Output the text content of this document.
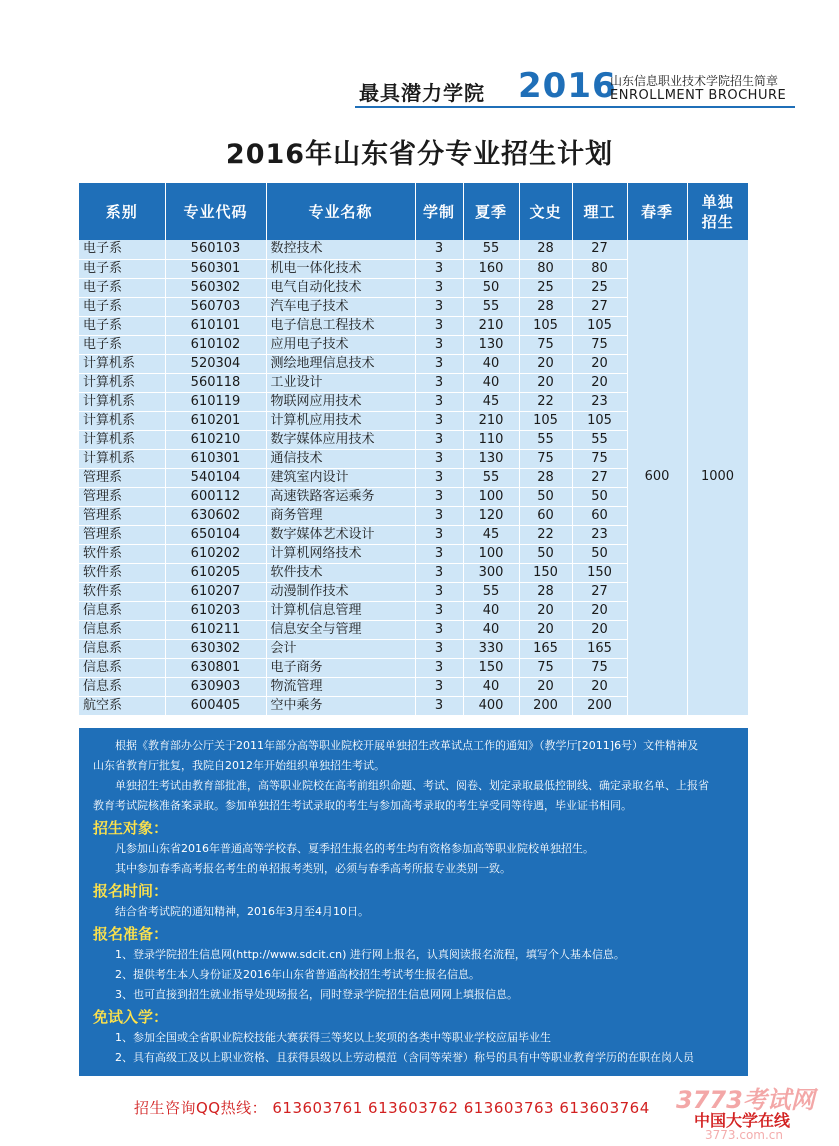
最具潜力学院 2016
山东信息职业技术学院招生简章
ENROLLMENT BROCHURE
2016年山东省分专业招生计划
系别	专业代码	专业名称	学制	夏季	文史	理工	春季	单独招生
电子系	560103	数控技术	3	55	28	27	600	1000
电子系	560301	机电一体化技术	3	160	80	80		
电子系	560302	电气自动化技术	3	50	25	25		
电子系	560703	汽车电子技术	3	55	28	27		
电子系	610101	电子信息工程技术	3	210	105	105		
电子系	610102	应用电子技术	3	130	75	75		
计算机系	520304	测绘地理信息技术	3	40	20	20		
计算机系	560118	工业设计	3	40	20	20		
计算机系	610119	物联网应用技术	3	45	22	23		
计算机系	610201	计算机应用技术	3	210	105	105		
计算机系	610210	数字媒体应用技术	3	110	55	55		
计算机系	610301	通信技术	3	130	75	75		
管理系	540104	建筑室内设计	3	55	28	27		
管理系	600112	高速铁路客运乘务	3	100	50	50		
管理系	630602	商务管理	3	120	60	60		
管理系	650104	数字媒体艺术设计	3	45	22	23		
软件系	610202	计算机网络技术	3	100	50	50		
软件系	610205	软件技术	3	300	150	150		
软件系	610207	动漫制作技术	3	55	28	27		
信息系	610203	计算机信息管理	3	40	20	20		
信息系	610211	信息安全与管理	3	40	20	20		
信息系	630302	会计	3	330	165	165		
信息系	630801	电子商务	3	150	75	75		
信息系	630903	物流管理	3	40	20	20		
航空系	600405	空中乘务	3	400	200	200		

根据《教育部办公厅关于2011年部分高等职业院校开展单独招生改革试点工作的通知》（教学厅[2011]6号）文件精神及

山东省教育厅批复，我院自2012年开始组织单独招生考试。

单独招生考试由教育部批准，高等职业院校在高考前组织命题、考试、阅卷、划定录取最低控制线、确定录取名单、上报省

教育考试院核准备案录取。参加单独招生考试录取的考生与参加高考录取的考生享受同等待遇，毕业证书相同。

招生对象：

凡参加山东省2016年普通高等学校春、夏季招生报名的考生均有资格参加高等职业院校单独招生。

其中参加春季高考报名考生的单招报考类别，必须与春季高考所报专业类别一致。

报名时间：

结合省考试院的通知精神，2016年3月至4月10日。

报名准备：

1、登录学院招生信息网(http://www.sdcit.cn) 进行网上报名，认真阅读报名流程，填写个人基本信息。

2、提供考生本人身份证及2016年山东省普通高校招生考试考生报名信息。

3、也可直接到招生就业指导处现场报名，同时登录学院招生信息网网上填报信息。

免试入学：

1、参加全国或全省职业院校技能大赛获得三等奖以上奖项的各类中等职业学校应届毕业生

2、具有高级工及以上职业资格、且获得县级以上劳动模范（含同等荣誉）称号的具有中等职业教育学历的在职在岗人员

招生咨询QQ热线： 613603761 613603762 613603763 613603764 3773考试网
中国大学在线
3773.com.cn
